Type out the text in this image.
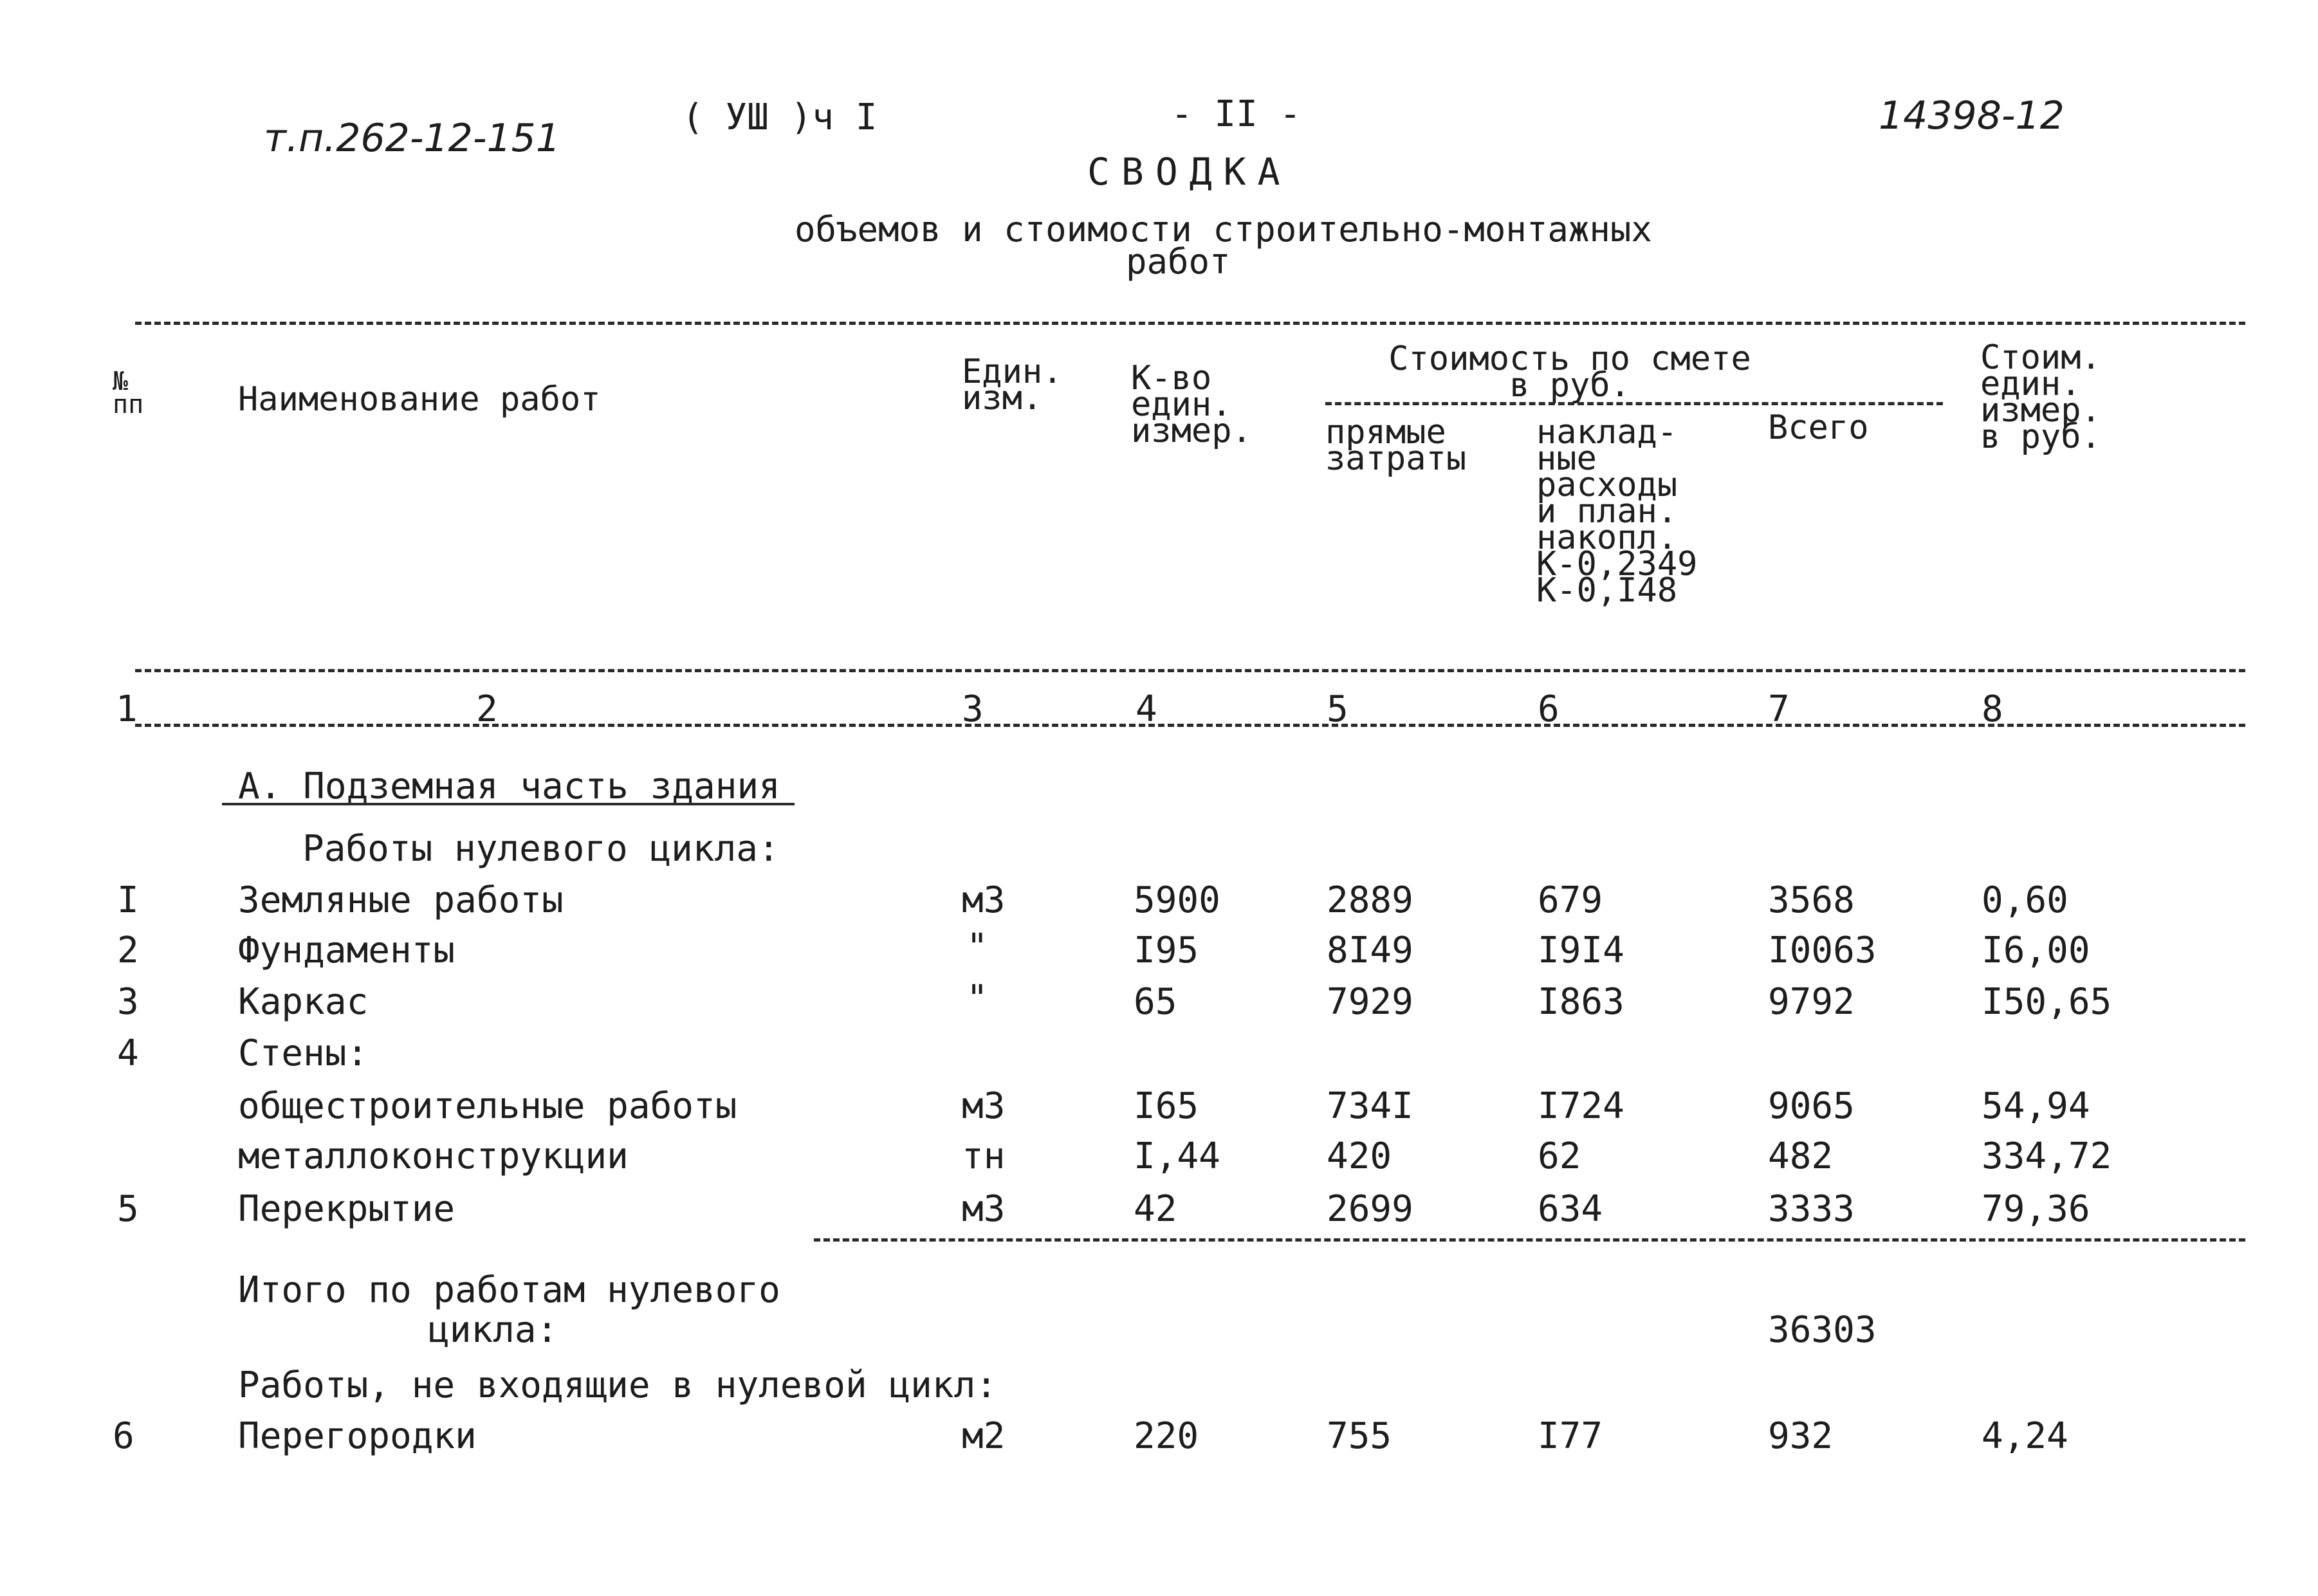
т.п.262-12-151	( УШ )ч I	- II -	14398-12
СВОДКА
объемов и стоимости строительно-монтажных
работ
№
пп	Наименование работ
Един.
изм.
К-во
един.
измер.
Стоимость по смете
в руб.
прямые
затраты
наклад-
ные
расходы
и план.
накопл.
К-0,2349
К-0,I48
Всего
Стоим.
един.
измер.
в руб.
1	2	3	4	5	6	7	8
А. Подземная часть здания
Работы нулевого цикла:
I	Земляные работы	м3	5900	2889	679	3568	0,60
2	Фундаменты	"	I95	8I49	I9I4	I0063	I6,00
3	Каркас	"	65	7929	I863	9792	I50,65
4	Стены:
общестроительные работы	м3	I65	734I	I724	9065	54,94
металлоконструкции	тн	I,44	420	62	482	334,72
5	Перекрытие	м3	42	2699	634	3333	79,36
Итого по работам нулевого
цикла:	36303
Работы, не входящие в нулевой цикл:
6	Перегородки	м2	220	755	I77	932	4,24
